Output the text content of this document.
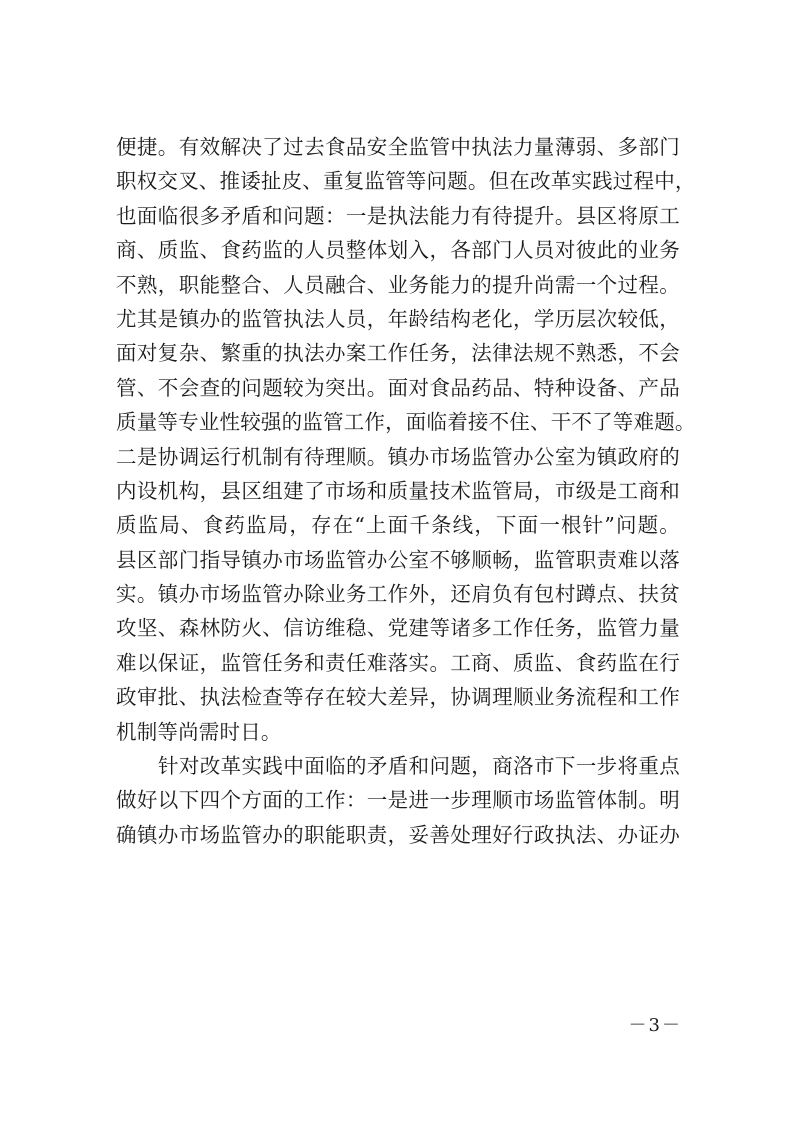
便捷。有效解决了过去食品安全监管中执法力量薄弱、多部门
职权交叉、推诿扯皮、重复监管等问题。但在改革实践过程中，
也面临很多矛盾和问题：一是执法能力有待提升。县区将原工
商、质监、食药监的人员整体划入，各部门人员对彼此的业务
不熟，职能整合、人员融合、业务能力的提升尚需一个过程。
尤其是镇办的监管执法人员，年龄结构老化，学历层次较低，
面对复杂、繁重的执法办案工作任务，法律法规不熟悉，不会
管、不会查的问题较为突出。面对食品药品、特种设备、产品
质量等专业性较强的监管工作，面临着接不住、干不了等难题。
二是协调运行机制有待理顺。镇办市场监管办公室为镇政府的
内设机构，县区组建了市场和质量技术监管局，市级是工商和
质监局、食药监局，存在“上面千条线，下面一根针”问题。
县区部门指导镇办市场监管办公室不够顺畅，监管职责难以落
实。镇办市场监管办除业务工作外，还肩负有包村蹲点、扶贫
攻坚、森林防火、信访维稳、党建等诸多工作任务，监管力量
难以保证，监管任务和责任难落实。工商、质监、食药监在行
政审批、执法检查等存在较大差异，协调理顺业务流程和工作
机制等尚需时日。
针对改革实践中面临的矛盾和问题，商洛市下一步将重点
做好以下四个方面的工作：一是进一步理顺市场监管体制。明
确镇办市场监管办的职能职责，妥善处理好行政执法、办证办
－3－
